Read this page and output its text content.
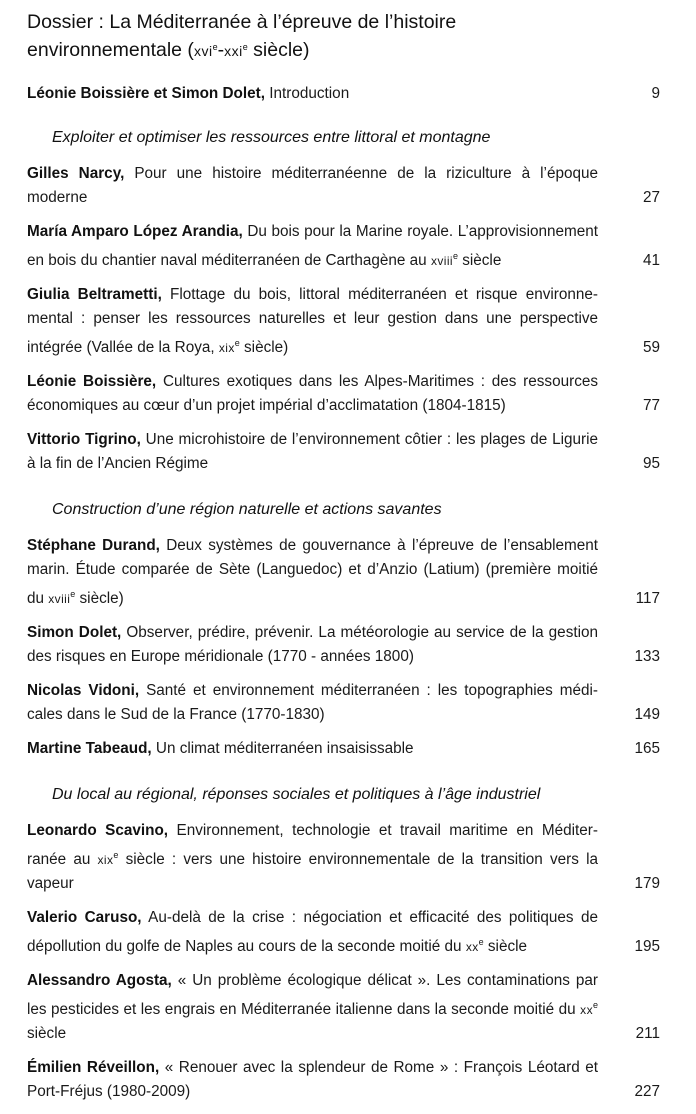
Dossier : La Méditerranée à l’épreuve de l’histoire
environnementale (xvi$^e$-xxi$^e$ siècle)
Léonie Boissière et Simon Dolet, Introduction	9
Exploiter et optimiser les ressources entre littoral et montagne
Gilles Narcy, Pour une histoire méditerranéenne de la riziculture à l’époque moderne	27
María Amparo López Arandia, Du bois pour la Marine royale. L’approvisionnement en bois du chantier naval méditerranéen de Carthagène au xviii$^e$ siècle	41
Giulia Beltrametti, Flottage du bois, littoral méditerranéen et risque environnemental : penser les ressources naturelles et leur gestion dans une perspective intégrée (Vallée de la Roya, xix$^e$ siècle)	59
Léonie Boissière, Cultures exotiques dans les Alpes-Maritimes : des ressources économiques au cœur d’un projet impérial d’acclimatation (1804-1815)	77
Vittorio Tigrino, Une microhistoire de l’environnement côtier : les plages de Ligurie à la fin de l’Ancien Régime	95
Construction d’une région naturelle et actions savantes
Stéphane Durand, Deux systèmes de gouvernance à l’épreuve de l’ensablement marin. Étude comparée de Sète (Languedoc) et d’Anzio (Latium) (première moitié du xviii$^e$ siècle)	117
Simon Dolet, Observer, prédire, prévenir. La météorologie au service de la gestion des risques en Europe méridionale (1770 - années 1800)	133
Nicolas Vidoni, Santé et environnement méditerranéen : les topographies médicales dans le Sud de la France (1770-1830)	149
Martine Tabeaud, Un climat méditerranéen insaisissable	165
Du local au régional, réponses sociales et politiques à l’âge industriel
Leonardo Scavino, Environnement, technologie et travail maritime en Méditerranée au xix$^e$ siècle : vers une histoire environnementale de la transition vers la vapeur	179
Valerio Caruso, Au-delà de la crise : négociation et efficacité des politiques de dépollution du golfe de Naples au cours de la seconde moitié du $xx^e$ siècle	195
Alessandro Agosta, « Un problème écologique délicat ». Les contaminations par les pesticides et les engrais en Méditerranée italienne dans la seconde moitié du $xx^e$ siècle	211
Émilien Réveillon, « Renouer avec la splendeur de Rome » : François Léotard et Port-Fréjus (1980-2009)	227
